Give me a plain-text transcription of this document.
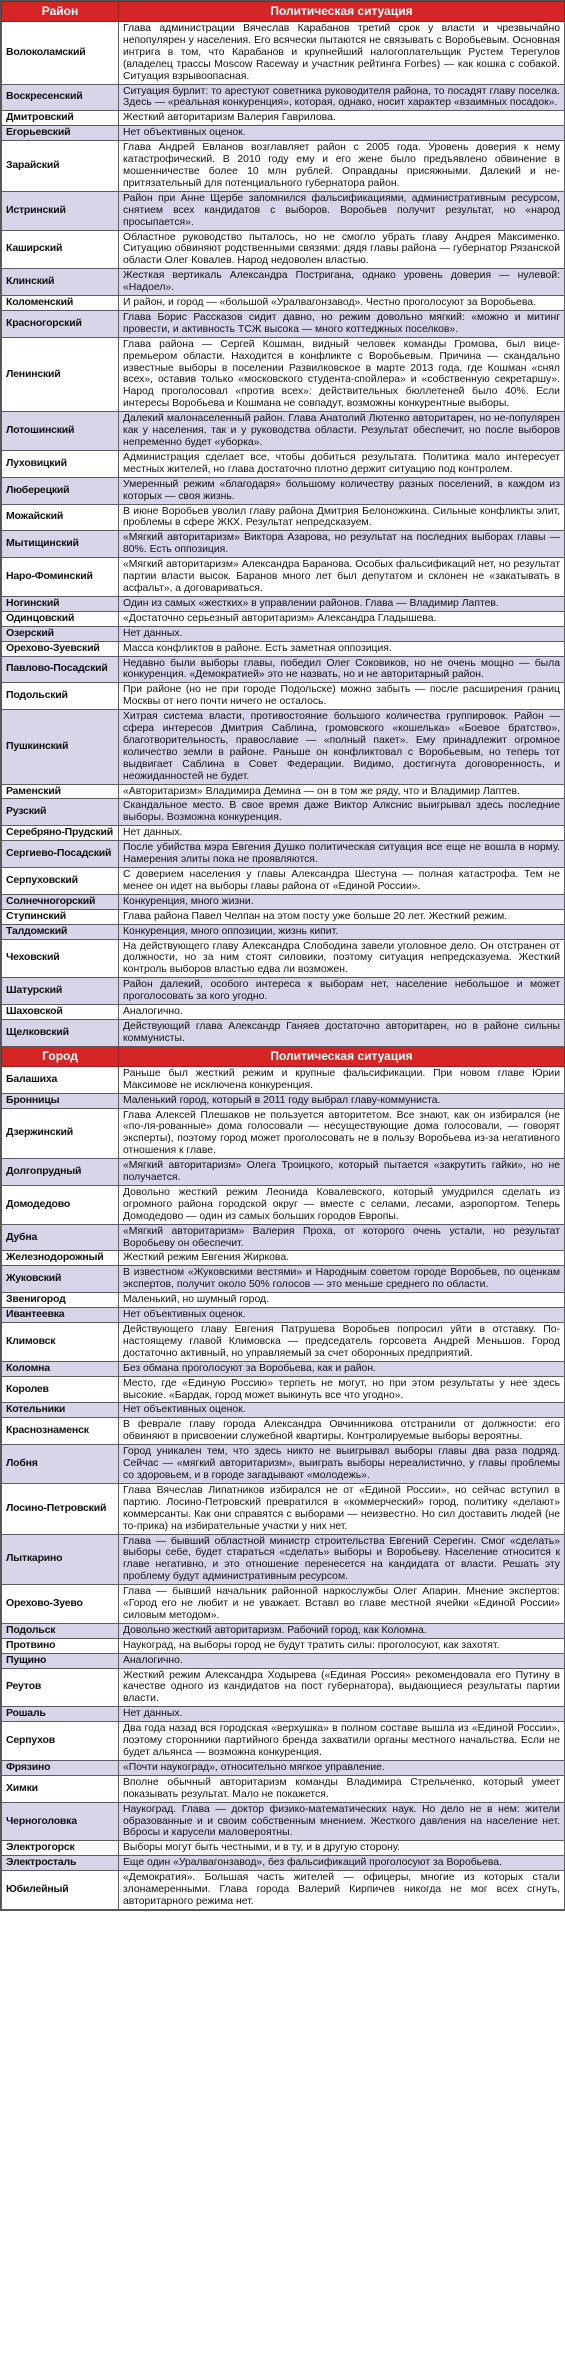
Район	Политическая ситуация
Волоколамский	Глава администрации Вячеслав Карабанов третий срок у власти и чрезвычайно непопулярен у населения. Его всячески пытаются не связывать с Воробьевым. Основная интрига в том, что Карабанов и крупнейший налогоплательщик Рустем Терегулов (владелец трассы Moscow Raceway и участник рейтинга Forbes) — как кошка с собакой. Ситуация взрывоопасная.
Воскресенский	Ситуация бурлит: то арестуют советника руководителя района, то посадят главу поселка. Здесь — «реальная конкуренция», которая, однако, носит характер «взаимных посадок».
Дмитровский	Жесткий авторитаризм Валерия Гаврилова.
Егорьевский	Нет объективных оценок.
Зарайский	Глава Андрей Евланов возглавляет район с 2005 года. Уровень доверия к нему катастрофический. В 2010 году ему и его жене было предъявлено обвинение в мошенничестве более 10 млн рублей. Оправданы присяжными. Далекий и не-притязательный для потенциального губернатора район.
Истринский	Район при Анне Щербе запомнился фальсификациями, административным ресурсом, снятием всех кандидатов с выборов. Воробьев получит результат, но «народ просыпается».
Каширский	Областное руководство пыталось, но не смогло убрать главу Андрея Максименко. Ситуацию обвиняют родственными связями: дядя главы района — губернатор Рязанской области Олег Ковалев. Народ недоволен властью.
Клинский	Жесткая вертикаль Александра Постригана, однако уровень доверия — нулевой: «Надоел».
Коломенский	И район, и город — «большой «Уралвагонзавод». Честно проголосуют за Воробьева.
Красногорский	Глава Борис Рассказов сидит давно, но режим довольно мягкий: «можно и митинг провести, и активность ТСЖ высока — много коттеджных поселков».
Ленинский	Глава района — Сергей Кошман, видный человек команды Громова, был вице-премьером области. Находится в конфликте с Воробьевым. Причина — скандально известные выборы в поселении Развилковское в марте 2013 года, где Кошман «снял всех», оставив только «московского студента-спойлера» и «собственную секретаршу». Народ проголосовал «против всех»: действительных бюллетеней было 40%. Если интересы Воробьева и Кошмана не совпадут, возможны конкурентные выборы.
Лотошинский	Далекий малонаселенный район. Глава Анатолий Лютенко авторитарен, но не-популярен как у населения, так и у руководства области. Результат обеспечит, но после выборов непременно будет «уборка».
Луховицкий	Администрация сделает все, чтобы добиться результата. Политика мало интересует местных жителей, но глава достаточно плотно держит ситуацию под контролем.
Люберецкий	Умеренный режим «благодаря» большому количеству разных поселений, в каждом из которых — своя жизнь.
Можайский	В июне Воробьев уволил главу района Дмитрия Белоножкина. Сильные конфликты элит, проблемы в сфере ЖКХ. Результат непредсказуем.
Мытищинский	«Мягкий авторитаризм» Виктора Азарова, но результат на последних выборах главы — 80%. Есть оппозиция.
Наро-Фоминский	«Мягкий авторитаризм» Александра Баранова. Особых фальсификаций нет, но результат партии власти высок. Баранов много лет был депутатом и склонен не «закатывать в асфальт», а договариваться.
Ногинский	Один из самых «жестких» в управлении районов. Глава — Владимир Лаптев.
Одинцовский	«Достаточно серьезный авторитаризм» Александра Гладышева.
Озерский	Нет данных.
Орехово-Зуевский	Масса конфликтов в районе. Есть заметная оппозиция.
Павлово-Посадский	Недавно были выборы главы, победил Олег Соковиков, но не очень мощно — была конкуренция. «Демократией» это не назвать, но и не авторитарный район.
Подольский	При районе (но не при городе Подольске) можно забыть — после расширения границ Москвы от него почти ничего не осталось.
Пушкинский	Хитрая система власти, противостояние большого количества группировок. Район — сфера интересов Дмитрия Саблина, громовского «кошелька» «Боевое братство», благотворительность, православие — «полный пакет». Ему принадлежит огромное количество земли в районе. Раньше он конфликтовал с Воробьевым, но теперь тот выдвигает Саблина в Совет Федерации. Видимо, достигнута договоренность, и неожиданностей не будет.
Раменский	«Авторитаризм» Владимира Демина — он в том же ряду, что и Владимир Лаптев.
Рузский	Скандальное место. В свое время даже Виктор Алкснис выигрывал здесь последние выборы. Возможна конкуренция.
Серебряно-Прудский	Нет данных.
Сергиево-Посадский	После убийства мэра Евгения Душко политическая ситуация все еще не вошла в норму. Намерения элиты пока не проявляются.
Серпуховский	С доверием населения у главы Александра Шестуна — полная катастрофа. Тем не менее он идет на выборы главы района от «Единой России».
Солнечногорский	Конкуренция, много жизни.
Ступинский	Глава района Павел Челпан на этом посту уже больше 20 лет. Жесткий режим.
Талдомский	Конкуренция, много оппозиции, жизнь кипит.
Чеховский	На действующего главу Александра Слободина завели уголовное дело. Он отстранен от должности, но за ним стоят силовики, поэтому ситуация непредсказуема. Жесткий контроль выборов властью едва ли возможен.
Шатурский	Район далекий, особого интереса к выборам нет, население небольшое и может проголосовать за кого угодно.
Шаховской	Аналогично.
Щелковский	Действующий глава Александр Ганяев достаточно авторитарен, но в районе сильны коммунисты.
Город	Политическая ситуация
Балашиха	Раньше был жесткий режим и крупные фальсификации. При новом главе Юрии Максимове не исключена конкуренция.
Бронницы	Маленький город, который в 2011 году выбрал главу-коммуниста.
Дзержинский	Глава Алексей Плешаков не пользуется авторитетом. Все знают, как он избирался (не «по-ля-рованные» дома голосовали — несуществующие дома голосовали, — говорят эксперты), поэтому город может проголосовать не в пользу Воробьева из-за негативного отношения к главе.
Долгопрудный	«Мягкий авторитаризм» Олега Троицкого, который пытается «закрутить гайки», но не получается.
Домодедово	Довольно жесткий режим Леонида Ковалевского, который умудрился сделать из огромного района городской округ — вместе с селами, лесами, аэропортом. Теперь Домодедово — один из самых больших городов Европы.
Дубна	«Мягкий авторитаризм» Валерия Проха, от которого очень устали, но результат Воробьеву он обеспечит.
Железнодорожный	Жесткий режим Евгения Жиркова.
Жуковский	В известном «Жуковскими вестями» и Народным советом городе Воробьев, по оценкам экспертов, получит около 50% голосов — это меньше среднего по области.
Звенигород	Маленький, но шумный город.
Ивантеевка	Нет объективных оценок.
Климовск	Действующего главу Евгения Патрушева Воробьев попросил уйти в отставку. По-настоящему главой Климовска — председатель горсовета Андрей Меньшов. Город достаточно активный, но управляемый за счет оборонных предприятий.
Коломна	Без обмана проголосуют за Воробьева, как и район.
Королев	Место, где «Единую Россию» терпеть не могут, но при этом результаты у нее здесь высокие. «Бардак, город может выкинуть все что угодно».
Котельники	Нет объективных оценок.
Краснознаменск	В феврале главу города Александра Овчинникова отстранили от должности: его обвиняют в присвоении служебной квартиры. Контролируемые выборы вероятны.
Лобня	Город уникален тем, что здесь никто не выигрывал выборы главы два раза подряд. Сейчас — «мягкий авторитаризм», выиграть выборы нереалистично, у главы проблемы со здоровьем, и в городе загадывают «молодежь».
Лосино-Петровский	Глава Вячеслав Липатников избирался не от «Единой России», но сейчас вступил в партию. Лосино-Петровский превратился в «коммерческий» город, политику «делают» коммерсанты. Как они справятся с выборами — неизвестно. Но сил доставить людей (не то-прика) на избирательные участки у них нет.
Лыткарино	Глава — бывший областной министр строительства Евгений Серегин. Смог «сделать» выборы себе, будет стараться «сделать» выборы и Воробьеву. Население относится к главе негативно, и это отношение перенесется на кандидата от власти. Решать эту проблему будут административным ресурсом.
Орехово-Зуево	Глава — бывший начальник районной наркослужбы Олег Апарин. Мнение экспертов: «Город его не любит и не уважает. Вставл во главе местной ячейки «Единой России» силовым методом».
Подольск	Довольно жесткий авторитаризм. Рабочий город, как Коломна.
Протвино	Наукоград, на выборы город не будут тратить силы: проголосуют, как захотят.
Пущино	Аналогично.
Реутов	Жесткий режим Александра Ходырева («Единая Россия» рекомендовала его Путину в качестве одного из кандидатов на пост губернатора), выдающиеся результаты партии власти.
Рошаль	Нет данных.
Серпухов	Два года назад вся городская «верхушка» в полном составе вышла из «Единой России», поэтому сторонники партийного бренда захватили органы местного начальства. Если не будет альянса — возможна конкуренция.
Фрязино	«Почти наукоград», относительно мягкое управление.
Химки	Вполне обычный авторитаризм команды Владимира Стрельченко, который умеет показывать результат. Мало не покажется.
Черноголовка	Наукоград. Глава — доктор физико-математических наук. Но дело не в нем: жители образованные и и своим собственным мнением. Жесткого давления на население нет. Вбросы и карусели маловероятны.
Электрогорск	Выборы могут быть честными, и в ту, и в другую сторону.
Электросталь	Еще один «Уралвагонзавод», без фальсификаций проголосуют за Воробьева.
Юбилейный	«Демократия». Большая часть жителей — офицеры, многие из которых стали злонамеренными. Глава города Валерий Кирпичев никогда не мог всех сгнуть, авторитарного режима нет.
